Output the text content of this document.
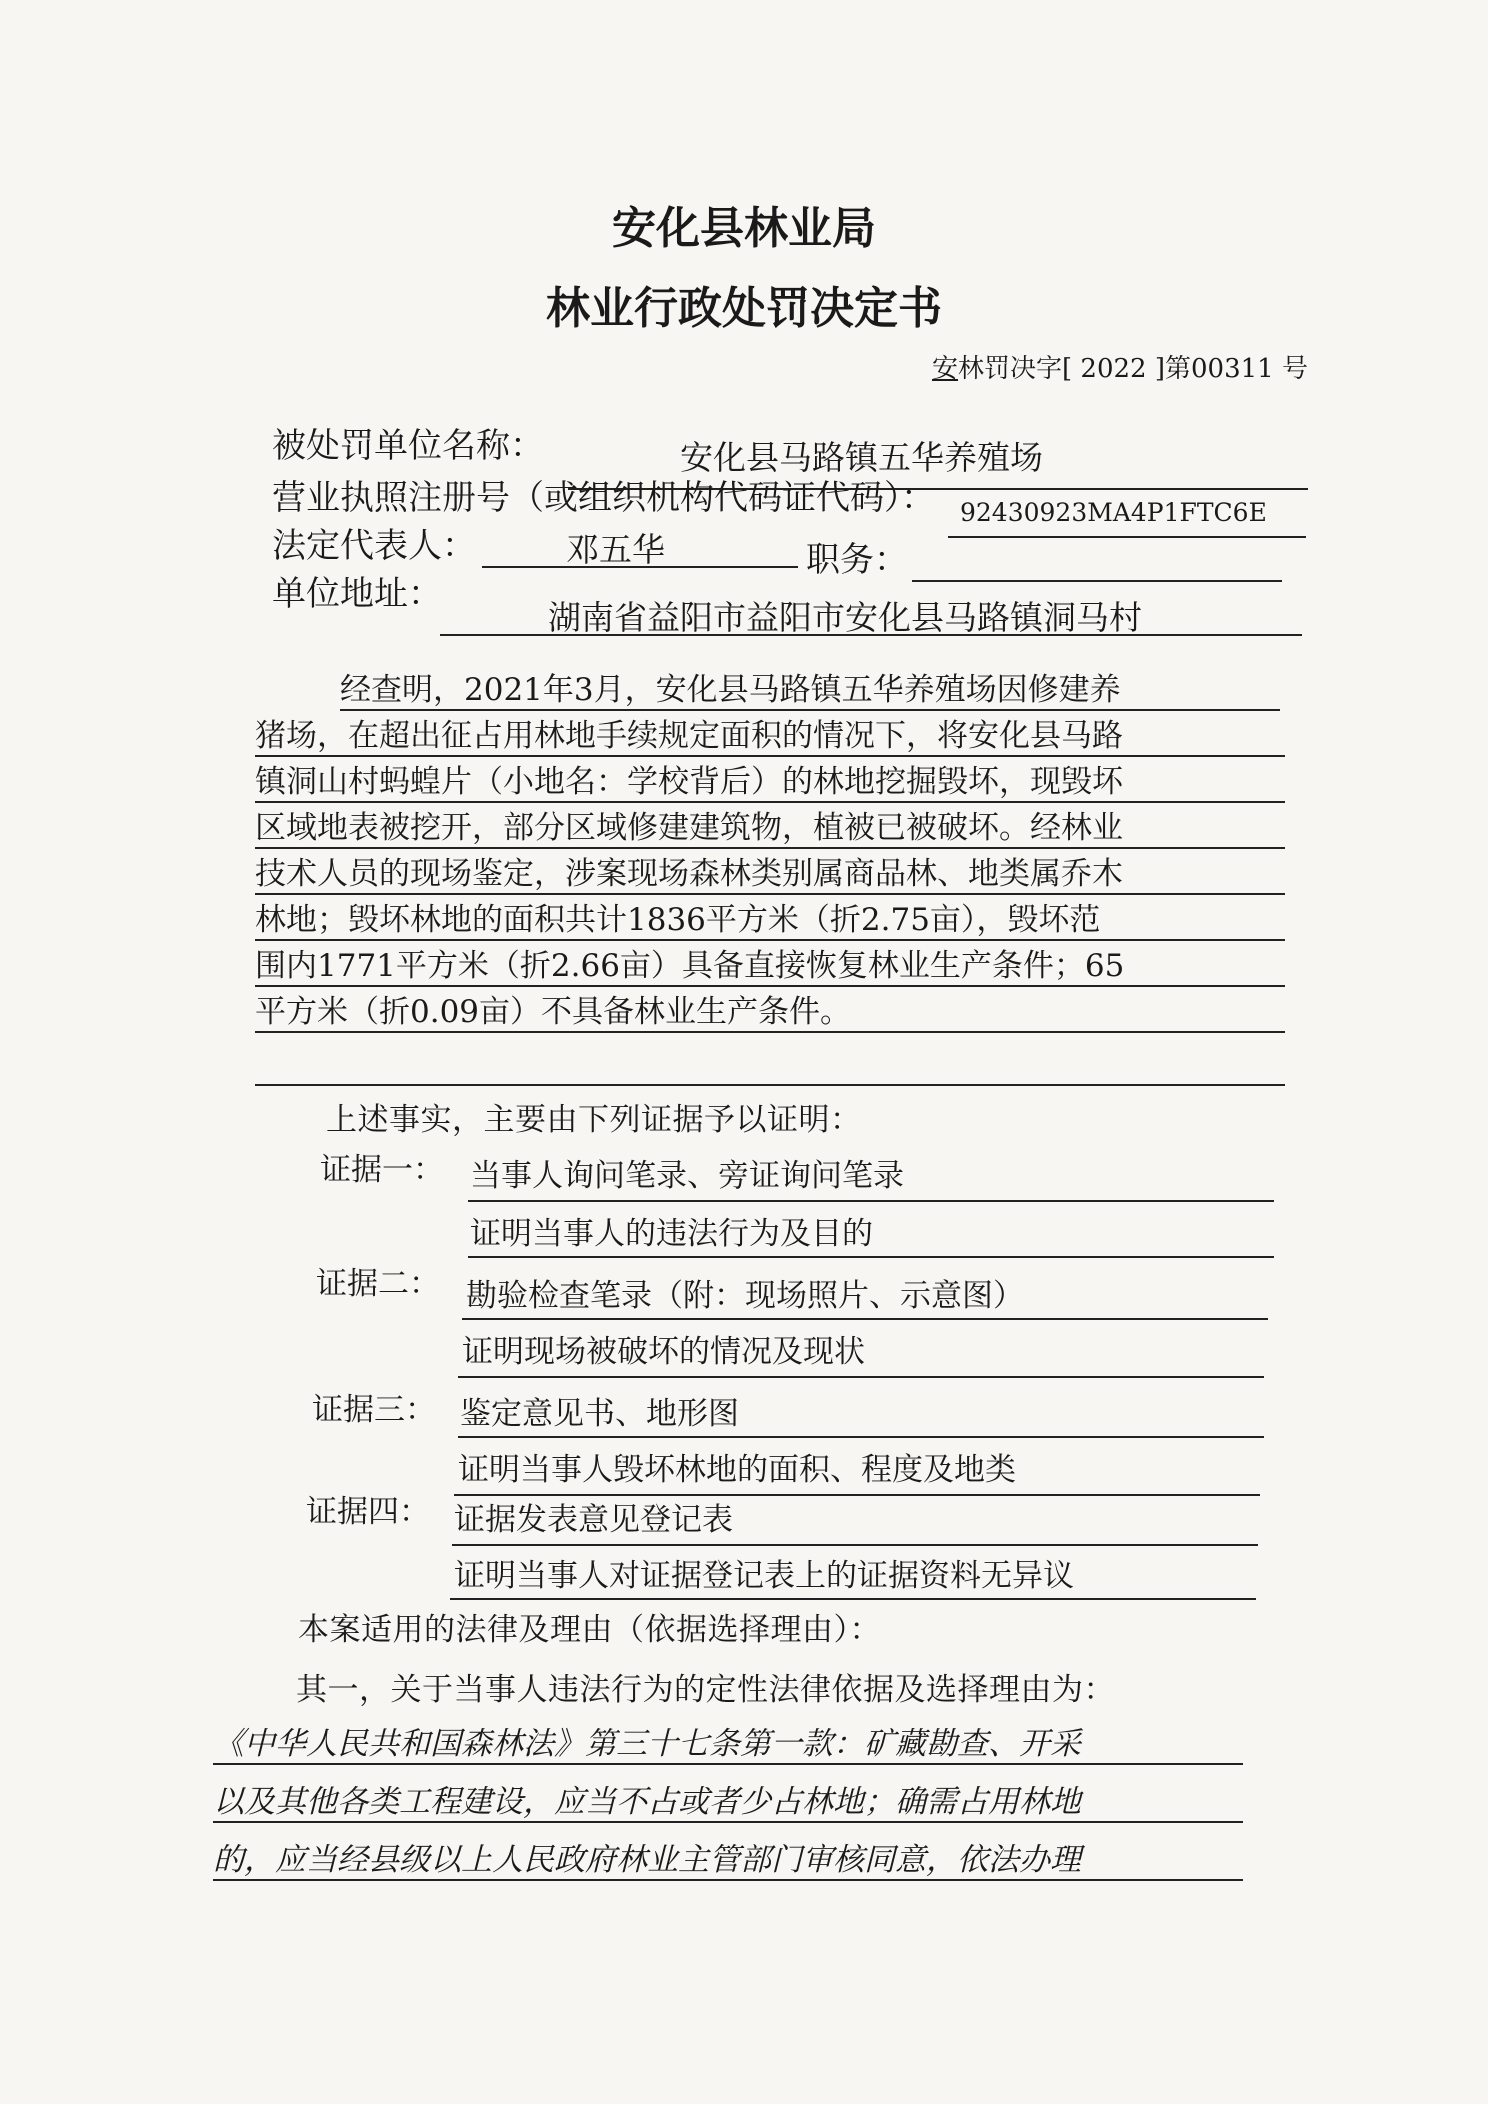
安化县林业局
林业行政处罚决定书
安林罚决字[ 2022 ]第00311 号
被处罚单位名称：	安化县马路镇五华养殖场
营业执照注册号（或组织机构代码证代码）： 92430923MA4P1FTC6E
法定代表人：	邓五华	职务：
单位地址：
湖南省益阳市益阳市安化县马路镇洞马村
经查明，2021年3月，安化县马路镇五华养殖场因修建养
猪场，在超出征占用林地手续规定面积的情况下，将安化县马路
镇洞山村蚂蝗片（小地名：学校背后）的林地挖掘毁坏，现毁坏
区域地表被挖开，部分区域修建建筑物，植被已被破坏。经林业
技术人员的现场鉴定，涉案现场森林类别属商品林、地类属乔木
林地；毁坏林地的面积共计1836平方米（折2.75亩），毁坏范
围内1771平方米（折2.66亩）具备直接恢复林业生产条件；65
平方米（折0.09亩）不具备林业生产条件。
上述事实，主要由下列证据予以证明：
证据一： 当事人询问笔录、旁证询问笔录
证明当事人的违法行为及目的
证据二： 勘验检查笔录（附：现场照片、示意图）
证明现场被破坏的情况及现状
证据三： 鉴定意见书、地形图
证明当事人毁坏林地的面积、程度及地类
证据四： 证据发表意见登记表
证明当事人对证据登记表上的证据资料无异议
本案适用的法律及理由（依据选择理由）：
其一，关于当事人违法行为的定性法律依据及选择理由为：
《中华人民共和国森林法》第三十七条第一款：矿藏勘查、开采
以及其他各类工程建设，应当不占或者少占林地；确需占用林地
的，应当经县级以上人民政府林业主管部门审核同意，依法办理
